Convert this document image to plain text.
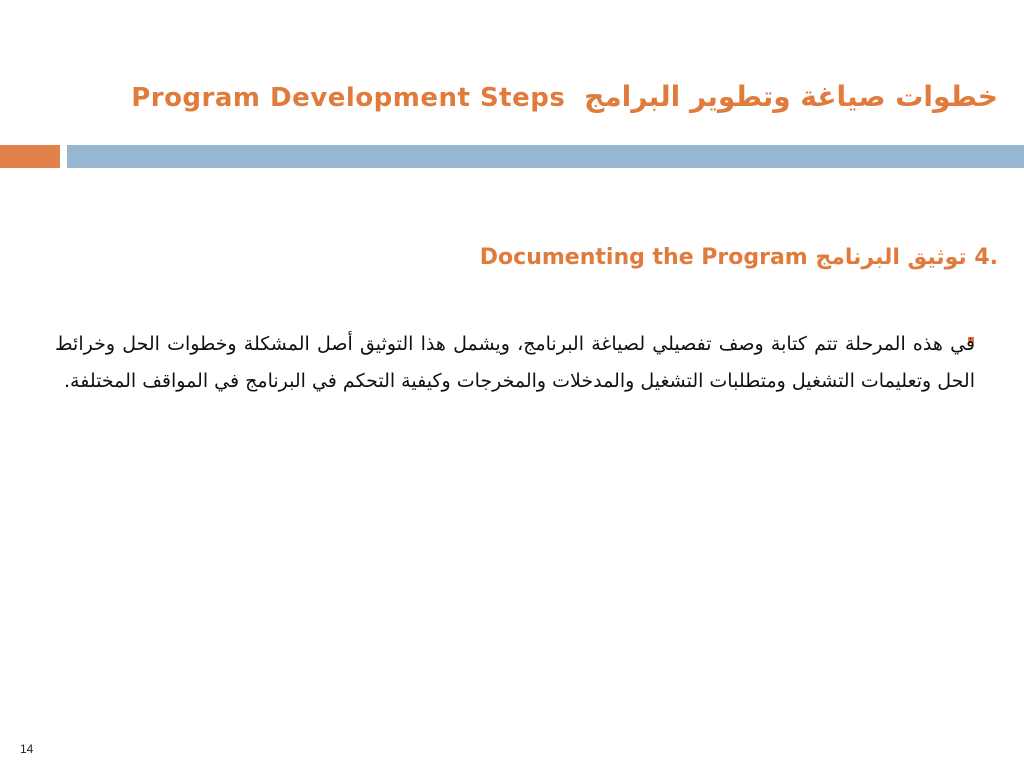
Program Development Steps خطوات صياغة وتطوير البرامج
Documenting the Program توثيق البرنامج 4.
في هذه المرحلة تتم كتابة وصف تفصيلي لصياغة البرنامج، ويشمل هذا التوثيق أصل المشكلة وخطوات الحل وخرائط الحل وتعليمات التشغيل ومتطلبات التشغيل والمدخلات والمخرجات وكيفية التحكم في البرنامج في المواقف المختلفة.
14
